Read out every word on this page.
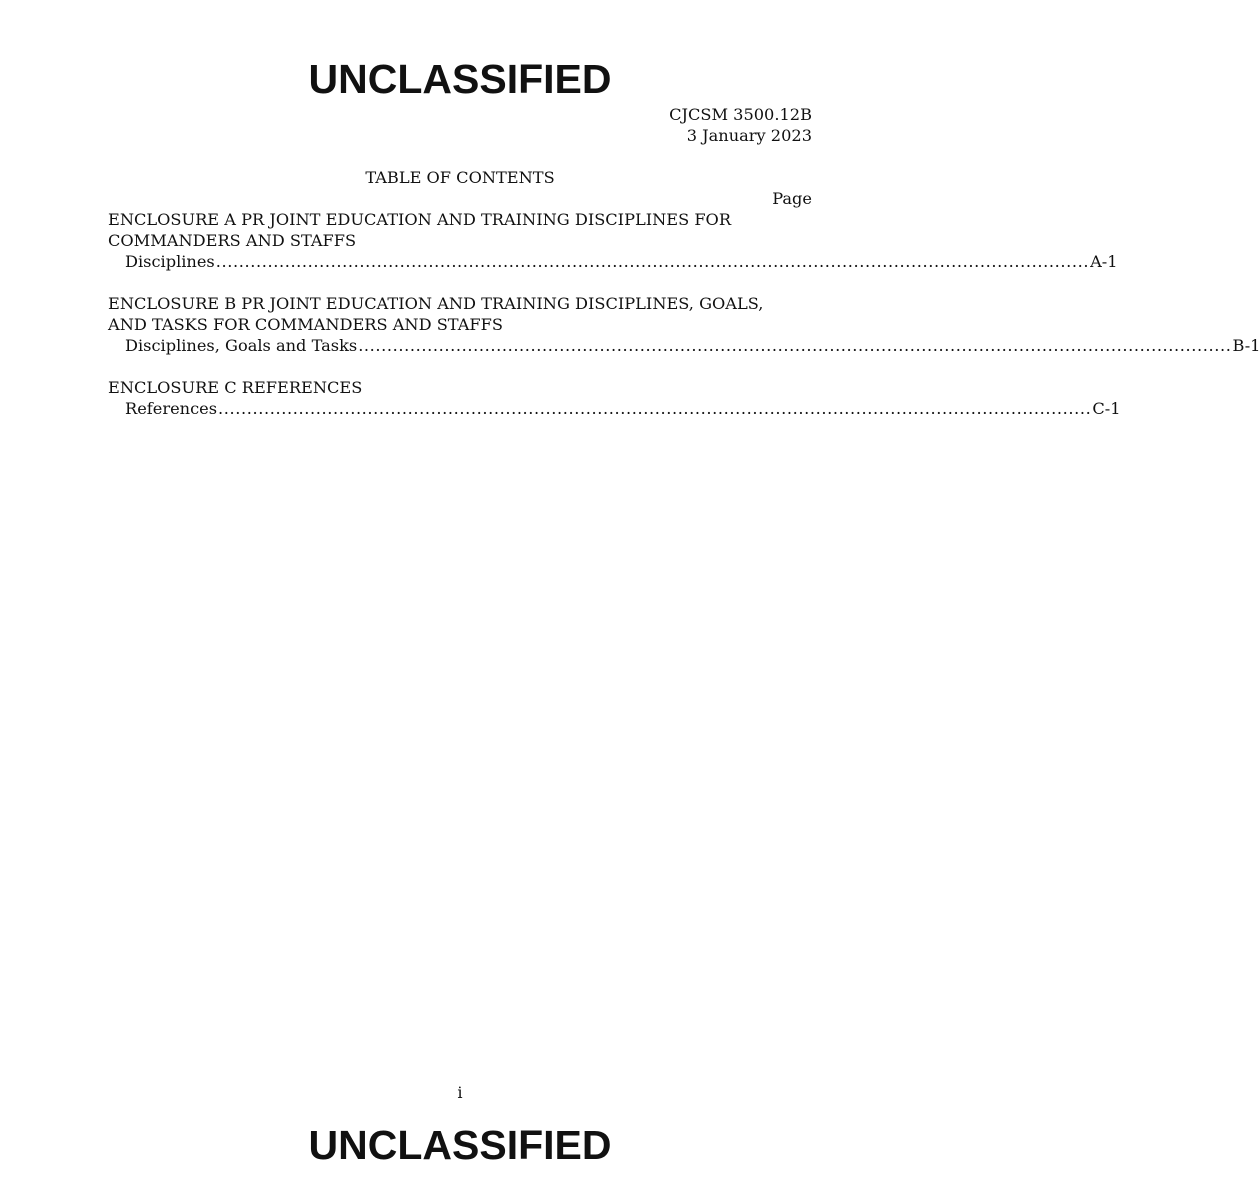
UNCLASSIFIED
CJCSM 3500.12B
3 January 2023
TABLE OF CONTENTS
Page
ENCLOSURE A PR JOINT EDUCATION AND TRAINING DISCIPLINES FOR COMMANDERS AND STAFFS
Disciplines ........................................................................................................................................................ A-1
ENCLOSURE B PR JOINT EDUCATION AND TRAINING DISCIPLINES, GOALS, AND TASKS FOR COMMANDERS AND STAFFS
Disciplines, Goals and Tasks ........................................................................................................................................................ B-1
ENCLOSURE C REFERENCES
References ........................................................................................................................................................ C-1
i
UNCLASSIFIED
